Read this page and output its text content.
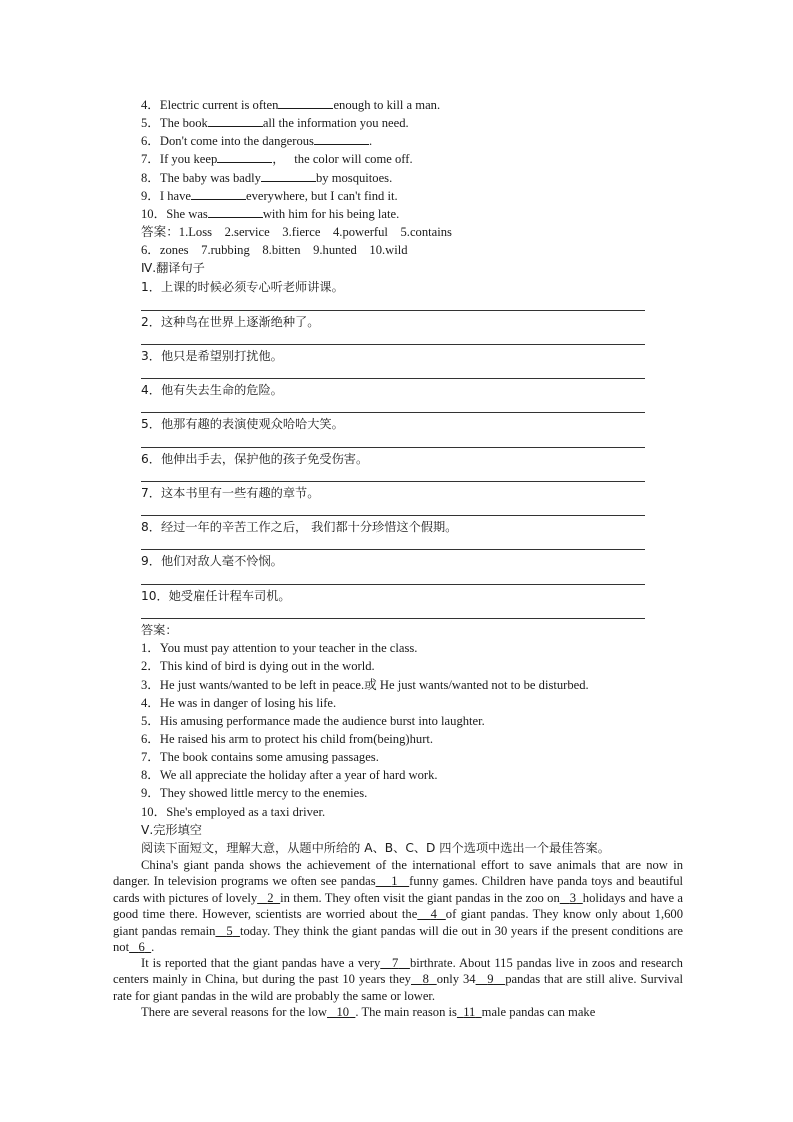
4．Electric current is often	enough to kill a man.
5．The book	all the information you need.
6．Don't come into the dangerous	.
7．If you keep	，   the color will come off.
8．The baby was badly	by mosquitoes.
9．I have	everywhere, but I can't find it.
10．She was	with him for his being late.
答案：1.Loss    2.service    3.fierce    4.powerful    5.contains
6．zones    7.rubbing    8.bitten    9.hunted    10.wild
Ⅳ.翻译句子
1．上课的时候必须专心听老师讲课。
2．这种鸟在世界上逐渐绝种了。
3．他只是希望别打扰他。
4．他有失去生命的危险。
5．他那有趣的表演使观众哈哈大笑。
6．他伸出手去，保护他的孩子免受伤害。
7．这本书里有一些有趣的章节。
8．经过一年的辛苦工作之后， 我们都十分珍惜这个假期。
9．他们对敌人毫不怜悯。
10．她受雇任计程车司机。
答案：
1．You must pay attention to your teacher in the class.
2．This kind of bird is dying out in the world.
3．He just wants/wanted to be left in peace.或 He just wants/wanted not to be disturbed.
4．He was in danger of losing his life.
5．His amusing performance made the audience burst into laughter.
6．He raised his arm to protect his child from(being)hurt.
7．The book contains some amusing passages.
8．We all appreciate the holiday after a year of hard work.
9．They showed little mercy to the enemies.
10．She's employed as a taxi driver.
Ⅴ.完形填空
阅读下面短文，理解大意，从题中所给的 A、B、C、D 四个选项中选出一个最佳答案。
China's giant panda shows the achievement of the international effort to save animals that are now in danger. In television programs we often see pandas 1 funny games. Children have panda toys and beautiful cards with pictures of lovely 2 in them. They often visit the giant pandas in the zoo on 3 holidays and have a good time there. However, scientists are worried about the 4 of giant pandas. They know only about 1,600 giant pandas remain 5 today. They think the giant pandas will die out in 30 years if the present conditions are not 6 .
It is reported that the giant pandas have a very 7 birthrate. About 115 pandas live in zoos and research centers mainly in China, but during the past 10 years they 8 only 34 9 pandas that are still alive. Survival rate for giant pandas in the wild are probably the same or lower.
There are several reasons for the low 10 . The main reason is 11 male pandas can make
